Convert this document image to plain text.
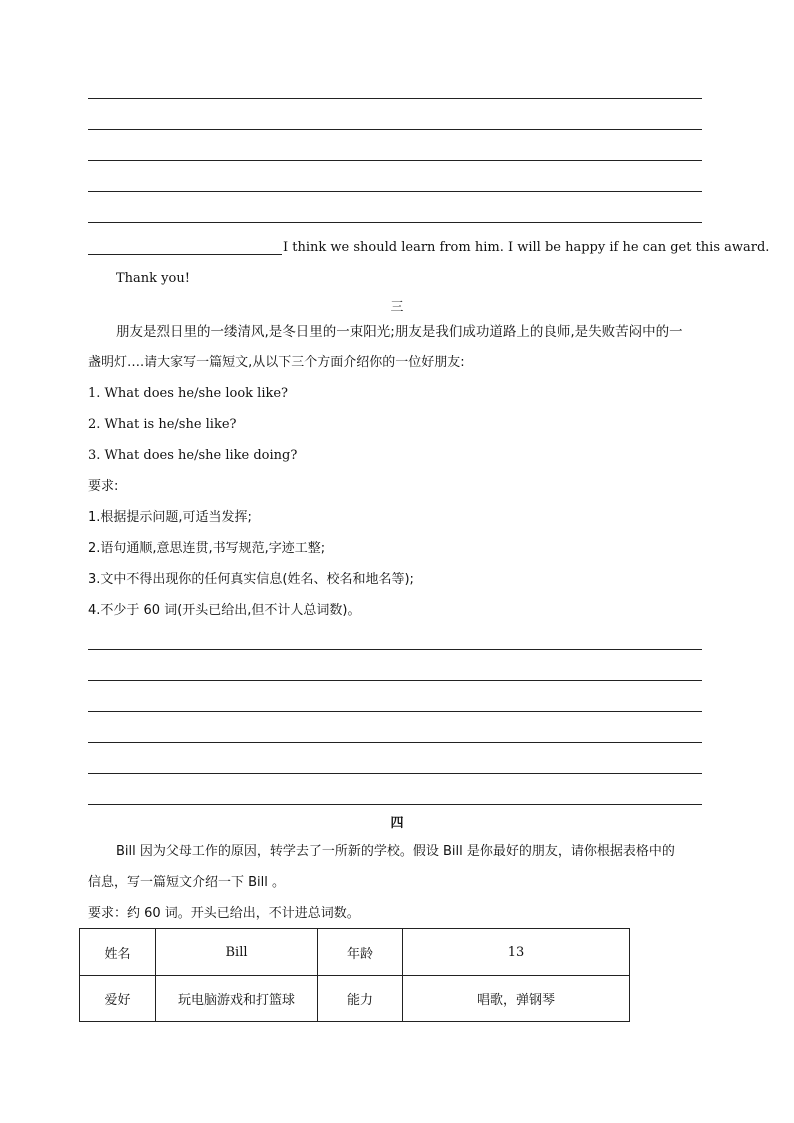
I think we should learn from him. I will be happy if he can get this award.
Thank you!
三
朋友是烈日里的一缕清风,是冬日里的一束阳光;朋友是我们成功道路上的良师,是失败苦闷中的一
盏明灯….请大家写一篇短文,从以下三个方面介绍你的一位好朋友:
1. What does he/she look like?
2. What is he/she like?
3. What does he/she like doing?
要求:
1.根据提示问题,可适当发挥;
2.语句通顺,意思连贯,书写规范,字迹工整;
3.文中不得出现你的任何真实信息(姓名、校名和地名等);
4.不少于 60 词(开头已给出,但不计人总词数)。
四
Bill 因为父母工作的原因，转学去了一所新的学校。假设 Bill 是你最好的朋友，请你根据表格中的
信息，写一篇短文介绍一下 Bill 。
要求：约 60 词。开头已给出，不计进总词数。
姓名	Bill	年龄	13
爱好	玩电脑游戏和打篮球	能力	唱歌，弹钢琴
